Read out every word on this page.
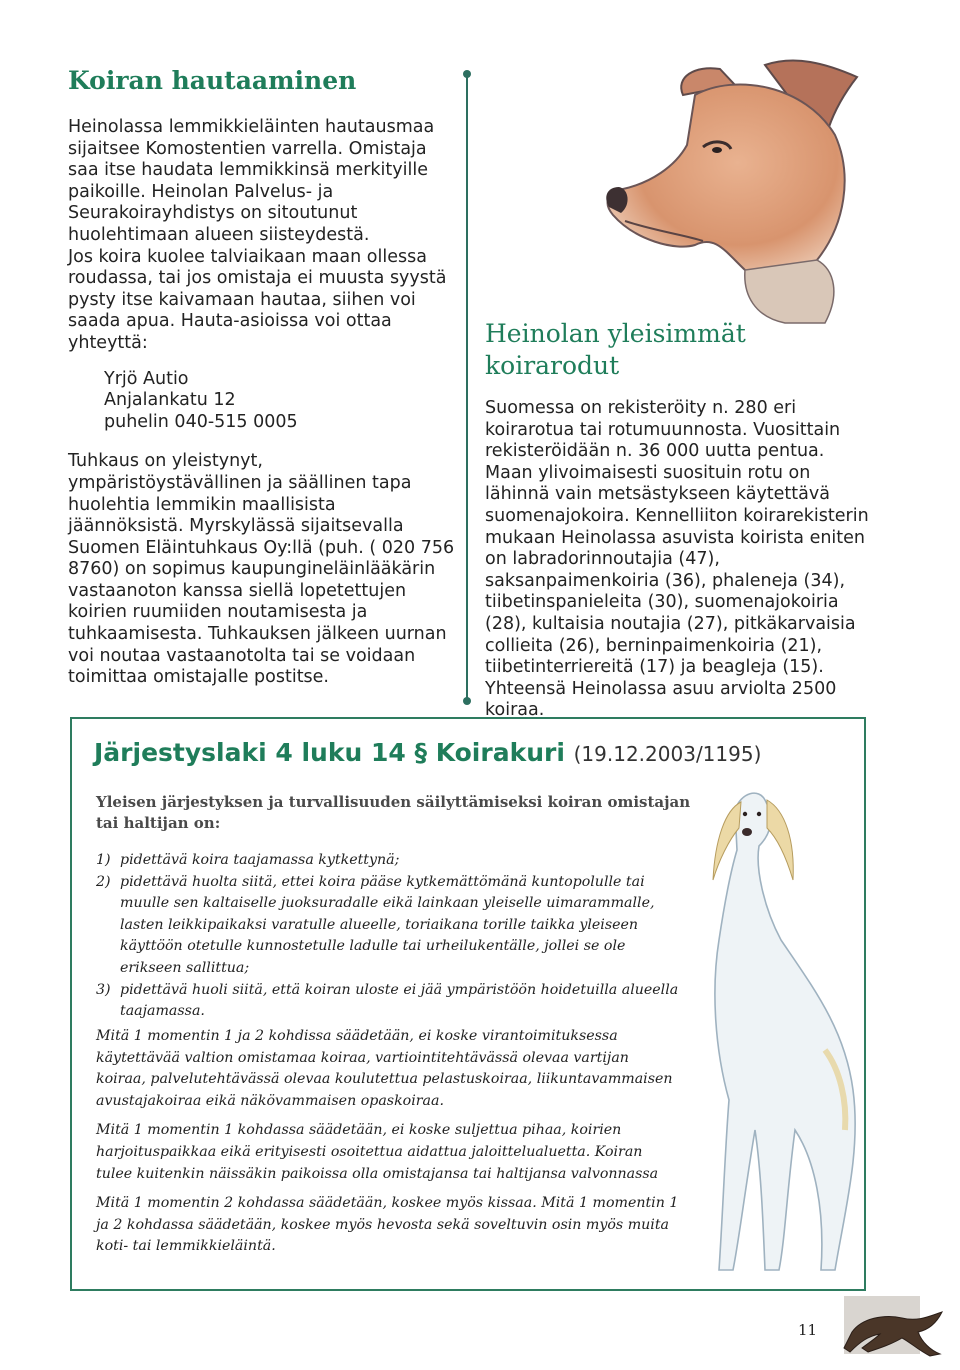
Koiran hautaaminen

Heinolassa lemmikkieläinten hautausmaa sijaitsee Komostentien varrella. Omistaja saa itse haudata lemmikkinsä merkityille paikoille. Heinolan Palvelus- ja Seurakoirayhdistys on sitoutunut huolehtimaan alueen siisteydestä.

Jos koira kuolee talviaikaan maan ollessa roudassa, tai jos omistaja ei muusta syystä pysty itse kaivamaan hautaa, siihen voi saada apua. Hauta-asioissa voi ottaa yhteyttä:

Yrjö Autio
Anjalankatu 12
puhelin 040-515 0005

Tuhkaus on yleistynyt, ympäristöystävällinen ja säällinen tapa huolehtia lemmikin maallisista jäännöksistä. Myrskylässä sijaitsevalla Suomen Eläintuhkaus Oy:llä (puh. ( 020 756 8760) on sopimus kaupungineläinlääkärin vastaanoton kanssa siellä lopetettujen koirien ruumiiden noutamisesta ja tuhkaamisesta. Tuhkauksen jälkeen uurnan voi noutaa vastaanotolta tai se voidaan toimittaa omistajalle postitse.

Heinolan yleisimmät koirarodut

Suomessa on rekisteröity n. 280 eri koirarotua tai rotumuunnosta. Vuosittain rekisteröidään n. 36 000 uutta pentua. Maan ylivoimaisesti suosituin rotu on lähinnä vain metsästykseen käytettävä suomenajokoira. Kennelliiton koirarekisterin mukaan Heinolassa asuvista koirista eniten on labradorinnoutajia (47), saksanpaimenkoiria (36), phaleneja (34), tiibetinspanieleita (30), suomenajokoiria (28), kultaisia noutajia (27), pitkäkarvaisia collieita (26), berninpaimenkoiria (21), tiibetinterriereitä (17) ja beagleja (15). Yhteensä Heinolassa asuu arviolta 2500 koiraa.

Järjestyslaki 4 luku 14 § Koirakuri (19.12.2003/1195)
Yleisen järjestyksen ja turvallisuuden säilyttämiseksi koiran omistajan tai haltijan on:
1) pidettävä koira taajamassa kytkettynä;
2) pidettävä huolta siitä, ettei koira pääse kytkemättömänä kuntopolulle tai muulle sen kaltaiselle juoksuradalle eikä lainkaan yleiselle uimarammalle, lasten leikkipaikaksi varatulle alueelle, toriaikana torille taikka yleiseen käyttöön otetulle kunnostetulle ladulle tai urheilukentälle, jollei se ole erikseen sallittua;
3) pidettävä huoli siitä, että koiran uloste ei jää ympäristöön hoidetuilla alueella taajamassa.

Mitä 1 momentin 1 ja 2 kohdissa säädetään, ei koske virantoimituksessa käytettävää valtion omistamaa koiraa, vartiointitehtävässä olevaa vartijan koiraa, palvelutehtävässä olevaa koulutettua pelastuskoiraa, liikuntavammaisen avustajakoiraa eikä näkövammaisen opaskoiraa.

Mitä 1 momentin 1 kohdassa säädetään, ei koske suljettua pihaa, koirien harjoituspaikkaa eikä erityisesti osoitettua aidattua jaloittelualuetta. Koiran tulee kuitenkin näissäkin paikoissa olla omistajansa tai haltijansa valvonnassa

Mitä 1 momentin 2 kohdassa säädetään, koskee myös kissaa. Mitä 1 momentin 1 ja 2 kohdassa säädetään, koskee myös hevosta sekä soveltuvin osin myös muita koti- tai lemmikkieläintä.

11
